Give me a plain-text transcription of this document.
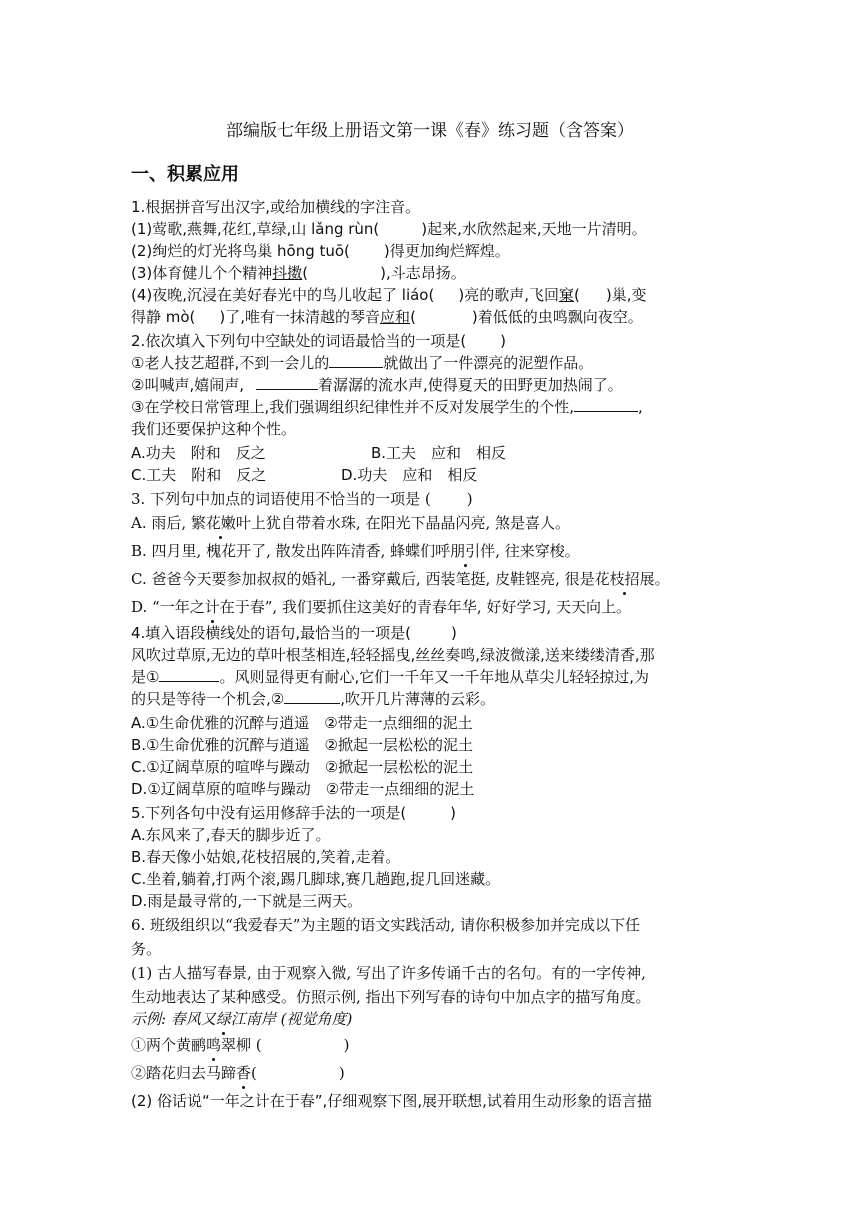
部编版七年级上册语文第一课《春》练习题（含答案）
一、积累应用
1.根据拼音写出汉字,或给加横线的字注音。
(1)莺歌,燕舞,花红,草绿,山 lǎng rùn(	)起来,水欣然起来,天地一片清明。
(2)绚烂的灯光将鸟巢 hōng tuō( )得更加绚烂辉煌。
(3)体育健儿个个精神抖擞(	),斗志昂扬。
(4)夜晚,沉浸在美好春光中的鸟儿收起了 liáo( )亮的歌声,飞回窠( )巢,变
得静 mò( )了,唯有一抹清越的琴音应和(	)着低低的虫鸣飘向夜空。
2.依次填入下列句中空缺处的词语最恰当的一项是( )
①老人技艺超群,不到一会儿的	就做出了一件漂亮的泥塑作品。
②叫喊声,嬉闹声,	着潺潺的流水声,使得夏天的田野更加热闹了。
③在学校日常管理上,我们强调组织纪律性并不反对发展学生的个性,	,
我们还要保护这种个性。
A.功夫　附和　反之	B.工夫　应和　相反
C.工夫　附和　反之	D.功夫　应和　相反
3. 下列句中加点的词语使用不恰当的一项是 ( )
A. 雨后, 繁花嫩叶上犹自带着水珠, 在阳光下晶晶闪亮, 煞是喜人。
B. 四月里, 槐花开了, 散发出阵阵清香, 蜂蝶们呼朋引伴, 往来穿梭。
C. 爸爸今天要参加叔叔的婚礼, 一番穿戴后, 西装笔挺, 皮鞋铿亮, 很是花枝招展。
D. “一年之计在于春”, 我们要抓住这美好的青春年华, 好好学习, 天天向上。
4.填入语段横线处的语句,最恰当的一项是(	)
风吹过草原,无边的草叶根茎相连,轻轻摇曳,丝丝奏鸣,绿波微漾,送来缕缕清香,那
是①	。风则显得更有耐心,它们一千年又一千年地从草尖儿轻轻掠过,为
的只是等待一个机会,②	,吹开几片薄薄的云彩。
A.①生命优雅的沉醉与逍遥　②带走一点细细的泥土
B.①生命优雅的沉醉与逍遥　②掀起一层松松的泥土
C.①辽阔草原的喧哗与躁动　②掀起一层松松的泥土
D.①辽阔草原的喧哗与躁动　②带走一点细细的泥土
5.下列各句中没有运用修辞手法的一项是(	)
A.东风来了,春天的脚步近了。
B.春天像小姑娘,花枝招展的,笑着,走着。
C.坐着,躺着,打两个滚,踢几脚球,赛几趟跑,捉几回迷藏。
D.雨是最寻常的,一下就是三两天。
6. 班级组织以“我爱春天”为主题的语文实践活动, 请你积极参加并完成以下任
务。
(1) 古人描写春景, 由于观察入微, 写出了许多传诵千古的名句。有的一字传神,
生动地表达了某种感受。仿照示例, 指出下列写春的诗句中加点字的描写角度。
示例: 春风又绿江南岸 (视觉角度)
①两个黄鹂鸣翠柳 (	)
②踏花归去马蹄香(	)
(2) 俗话说“一年之计在于春”,仔细观察下图,展开联想,试着用生动形象的语言描
